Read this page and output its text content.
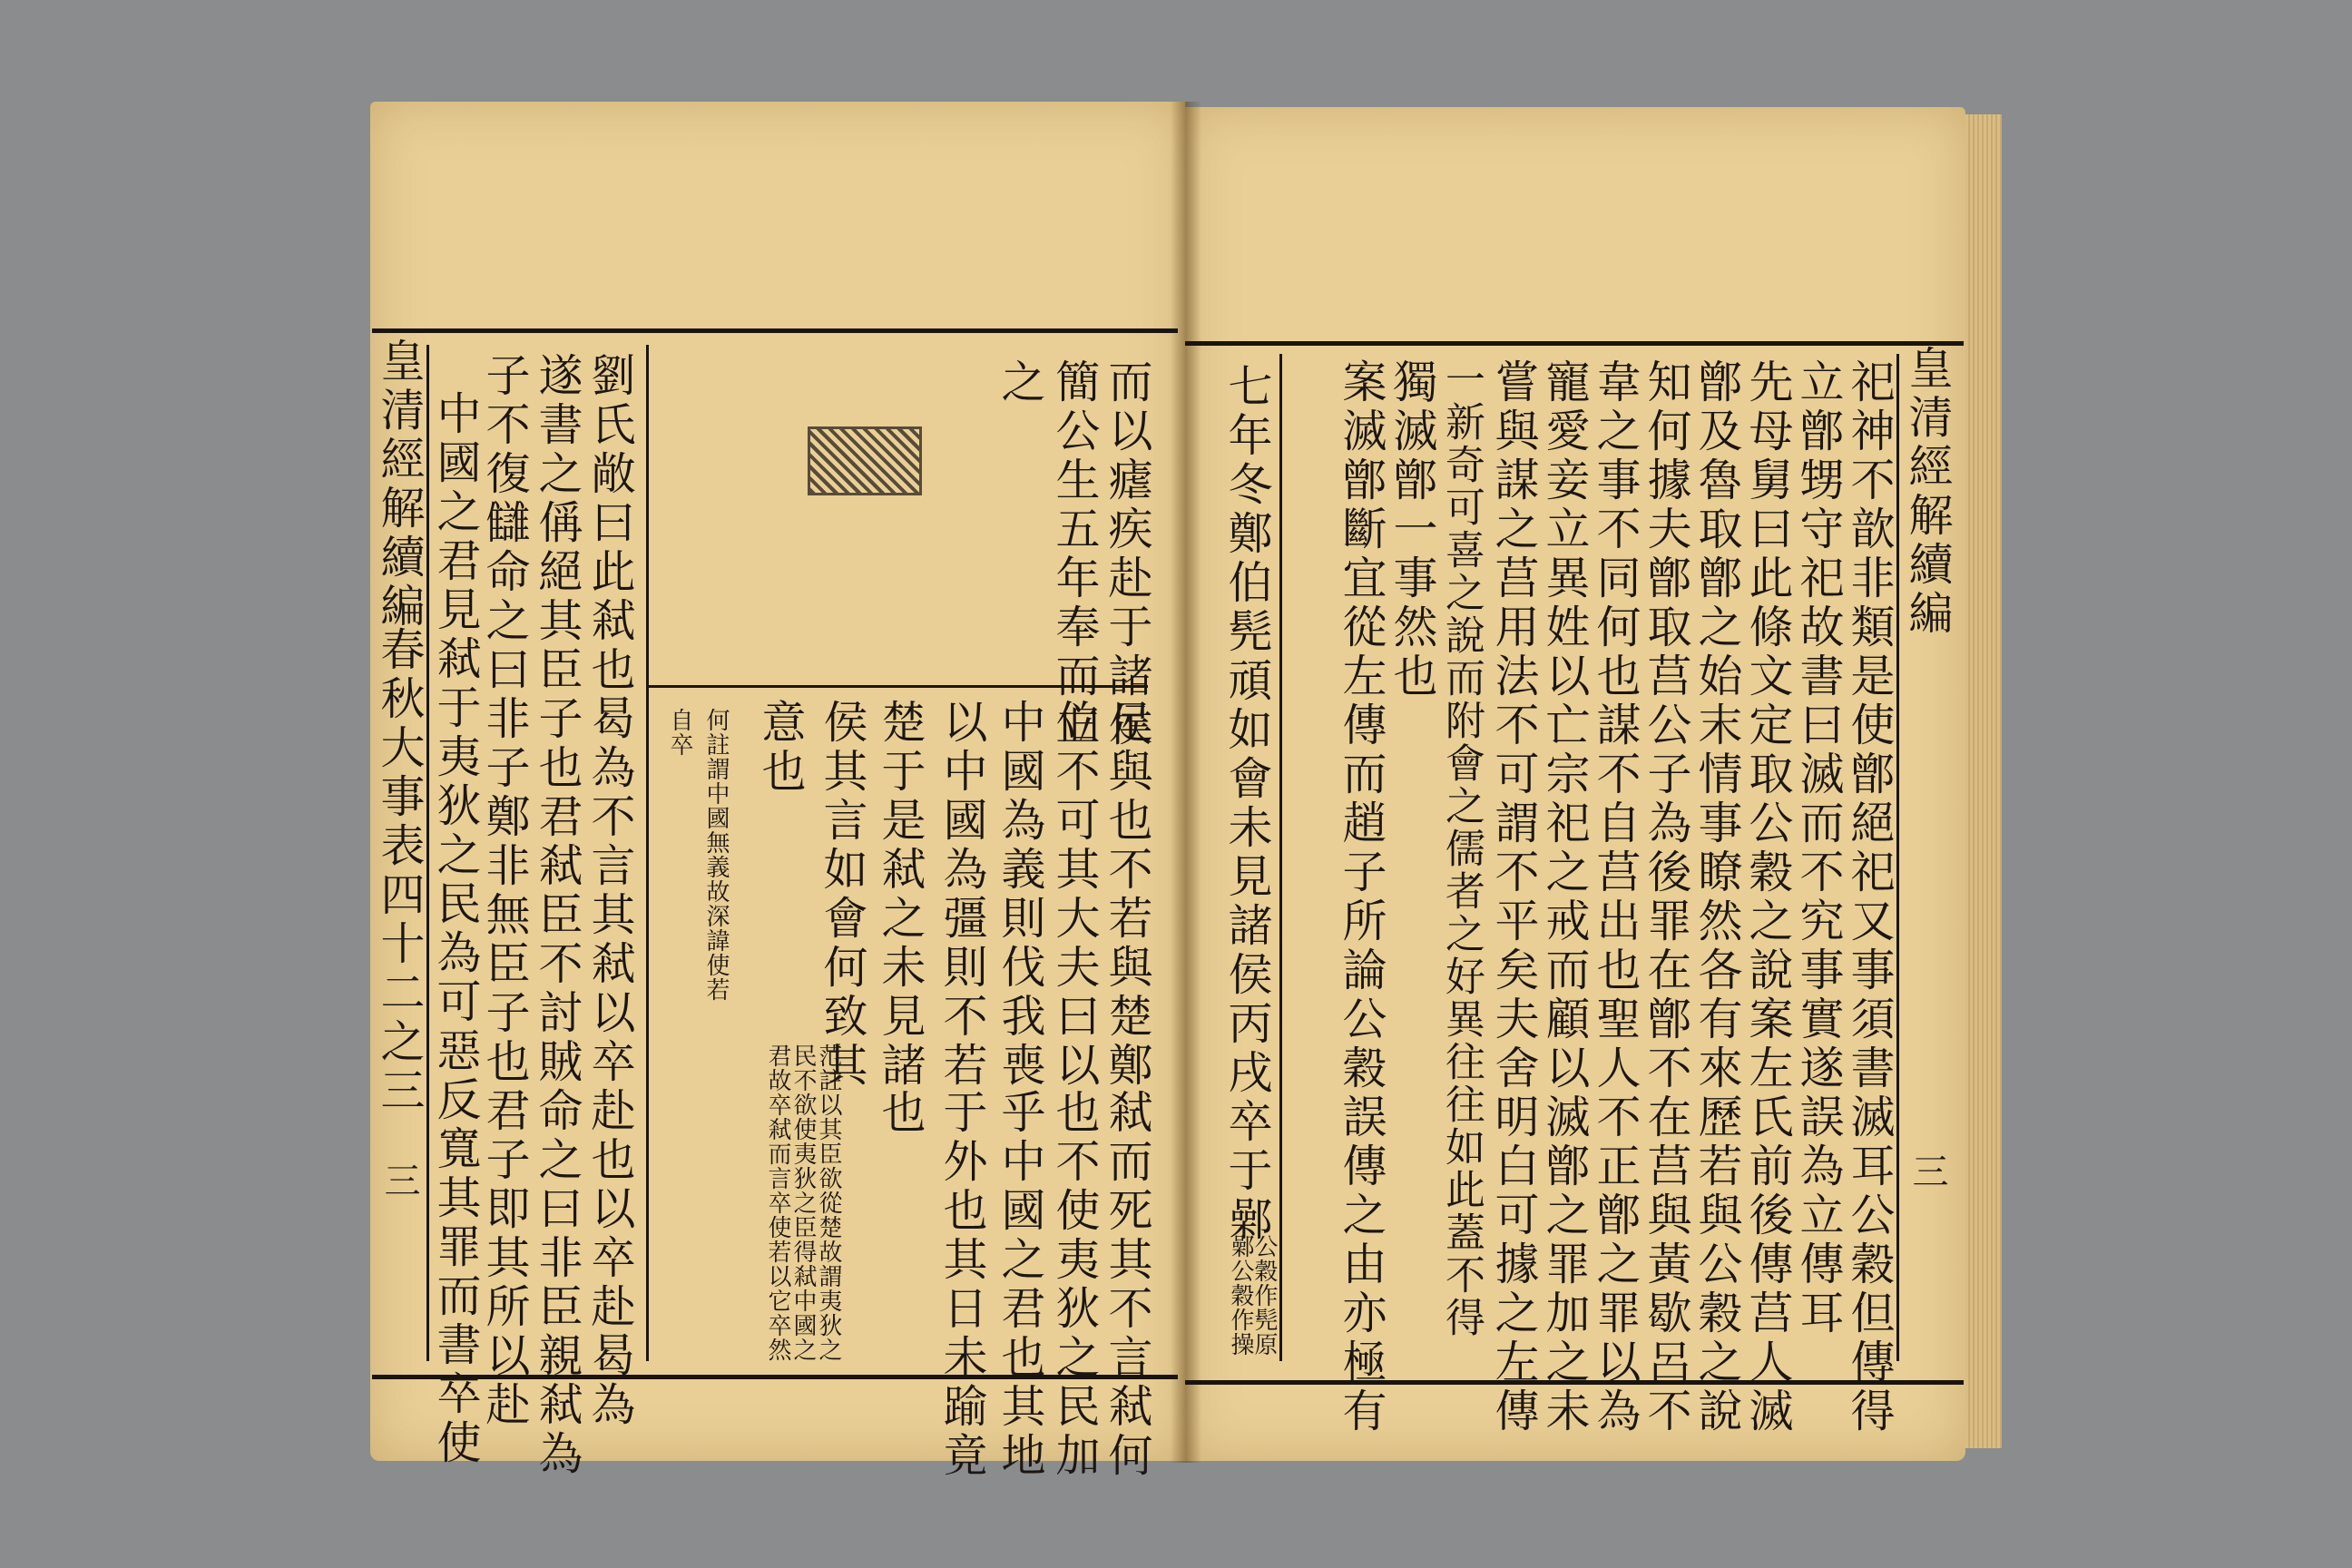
皇清經解續編
春秋大事表四十二之三
三	劉氏敞曰此弒也曷為不言其弒以卒赴也以卒赴曷為
遂書之偁絕其臣子也君弒臣不討賊命之曰非臣親弒為
子不復讎命之曰非子鄭非無臣子也君子即其所以赴
中國之君見弒于夷狄之民為可惡反寬其罪而書卒使	而以瘧疾赴于諸侯
簡公生五年奉而立
之
足與也不若與楚鄭
伯不可其大夫曰以
中國為義則伐我喪
以中國為彊則不若
楚于是弒之未見諸
侯其言如會何致其
意也
弒而死其不言弒何
也不使夷狄之民加
乎中國之君也其地
于外也其日未踰竟
也
何註謂中國無義故深諱使若
自卒
范註以其臣欲從楚故謂夷狄之
民不欲使夷狄之臣得弒中國之
君故卒弒而言卒使若以它卒然
皇清經解續編
三
祀神不歆非類是使鄫絕祀又事須書滅耳公穀但傳得
立鄫甥守祀故書曰滅而不究事實遂誤為立傳耳
先母舅曰此條文定取公穀之說案左氏前後傳莒人滅
鄫及魯取鄫之始末情事瞭然各有來歷若與公穀之說
知何據夫鄫取莒公子為後罪在鄫不在莒與黃歇呂不
韋之事不同何也謀不自莒出也聖人不正鄫之罪以為
寵愛妾立異姓以亡宗祀之戒而顧以滅鄫之罪加之未
嘗與謀之莒用法不可謂不平矣夫舍明白可據之左傳
一新奇可喜之說而附會之儒者之好異往往如此蓋不得
獨滅鄫一事然也
案滅鄫斷宜從左傳而趙子所論公穀誤傳之由亦極有
七年冬鄭伯髡頑如會未見諸侯丙戌卒于鄵
公穀作髡原
鄵公穀作操
